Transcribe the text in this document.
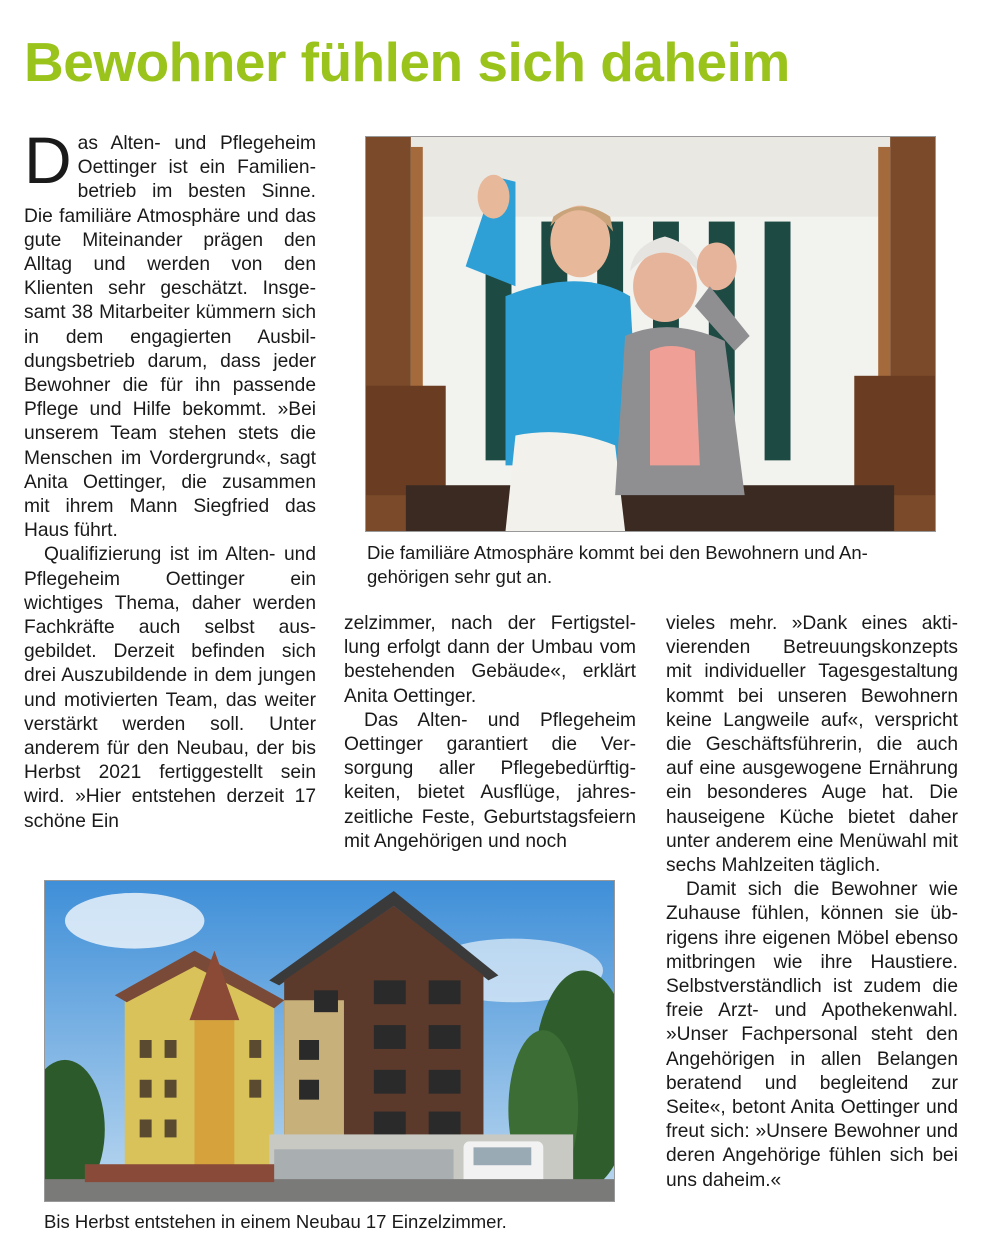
Bewohner fühlen sich daheim

Das Alten- und Pflegeheim Oettinger ist ein Familienbetrieb im besten Sinne. Die familiäre Atmosphäre und das gute Miteinander prägen den Alltag und werden von den Klienten sehr geschätzt. Insgesamt 38 Mitarbeiter kümmern sich in dem engagierten Ausbildungsbetrieb darum, dass jeder Bewohner die für ihn passende Pflege und Hilfe bekommt. »Bei unserem Team stehen stets die Menschen im Vordergrund«, sagt Anita Oettinger, die zusammen mit ihrem Mann Siegfried das Haus führt.

Qualifizierung ist im Alten- und Pflegeheim Oettinger ein wichtiges Thema, daher werden Fachkräfte auch selbst ausgebildet. Derzeit befinden sich drei Auszubildende in dem jungen und motivierten Team, das weiter verstärkt werden soll. Unter anderem für den Neubau, der bis Herbst 2021 fertiggestellt sein wird. »Hier entstehen derzeit 17 schöne Ein

Die familiäre Atmosphäre kommt bei den Bewohnern und Angehörigen sehr gut an.

zelzimmer, nach der Fertigstellung erfolgt dann der Umbau vom bestehenden Gebäude«, erklärt Anita Oettinger.

Das Alten- und Pflegeheim Oettinger garantiert die Versorgung aller Pflegebedürftigkeiten, bietet Ausflüge, jahreszeitliche Feste, Geburtstagsfeiern mit Angehörigen und noch

vieles mehr. »Dank eines aktivierenden Betreuungskonzepts mit individueller Tagesgestaltung kommt bei unseren Bewohnern keine Langweile auf«, verspricht die Geschäftsführerin, die auch auf eine ausgewogene Ernährung ein besonderes Auge hat. Die hauseigene Küche bietet daher unter anderem eine Menüwahl mit sechs Mahlzeiten täglich.

Damit sich die Bewohner wie Zuhause fühlen, können sie übrigens ihre eigenen Möbel ebenso mitbringen wie ihre Haustiere. Selbstverständlich ist zudem die freie Arzt- und Apothekenwahl. »Unser Fachpersonal steht den Angehörigen in allen Belangen beratend und begleitend zur Seite«, betont Anita Oettinger und freut sich: »Unsere Bewohner und deren Angehörige fühlen sich bei uns daheim.«

Bis Herbst entstehen in einem Neubau 17 Einzelzimmer.
